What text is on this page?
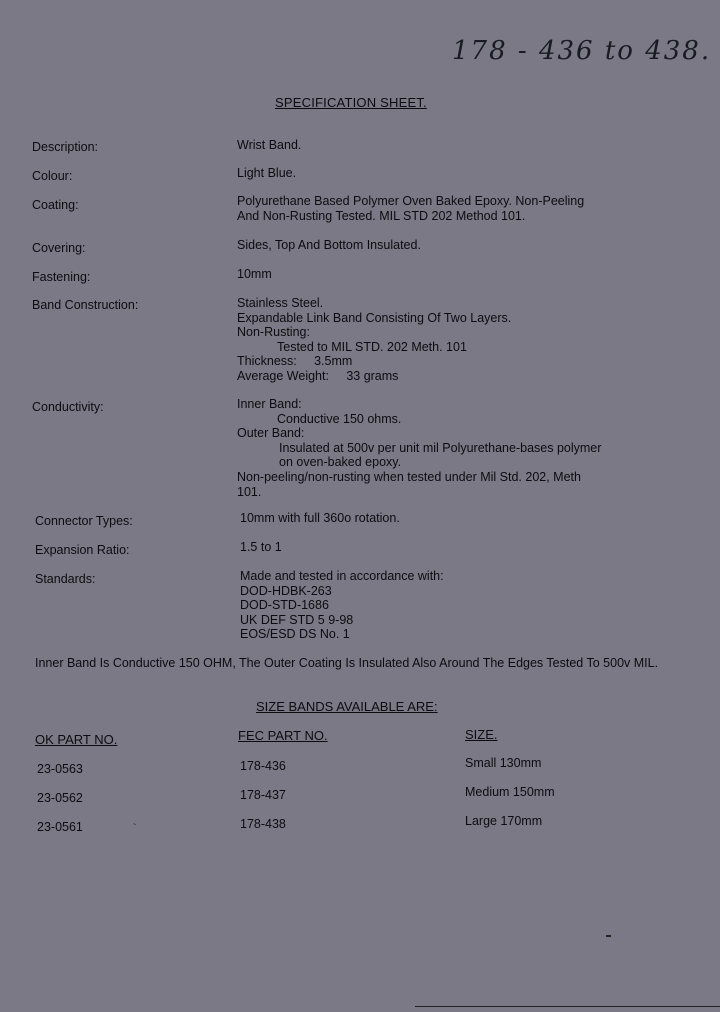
178 - 436 to 438.
SPECIFICATION SHEET.
Description:	Wrist Band.
Colour:	Light Blue.
Coating:	Polyurethane Based Polymer Oven Baked Epoxy. Non-Peeling
And Non-Rusting Tested. MIL STD 202 Method 101.
Covering:	Sides, Top And Bottom Insulated.
Fastening:	10mm
Band Construction:	Stainless Steel.
Expandable Link Band Consisting Of Two Layers.
Non-Rusting:
Tested to MIL STD. 202 Meth. 101
Thickness:     3.5mm
Average Weight:     33 grams
Conductivity:	Inner Band:
Conductive 150 ohms.
Outer Band:
Insulated at 500v per unit mil Polyurethane-bases polymer
on oven-baked epoxy.
Non-peeling/non-rusting when tested under Mil Std. 202, Meth
101.
Connector Types:	10mm with full 360o rotation.
Expansion Ratio:	1.5 to 1
Standards:	Made and tested in accordance with:
DOD-HDBK-263
DOD-STD-1686
UK DEF STD 5 9-98
EOS/ESD DS No. 1
Inner Band Is Conductive 150 OHM, The Outer Coating Is Insulated Also Around The Edges Tested To 500v MIL.
SIZE BANDS AVAILABLE ARE:
OK PART NO.	FEC PART NO.	SIZE.
23-0563	178-436	Small 130mm
23-0562	178-437	Medium 150mm
23-0561	178-438	Large 170mm
`
